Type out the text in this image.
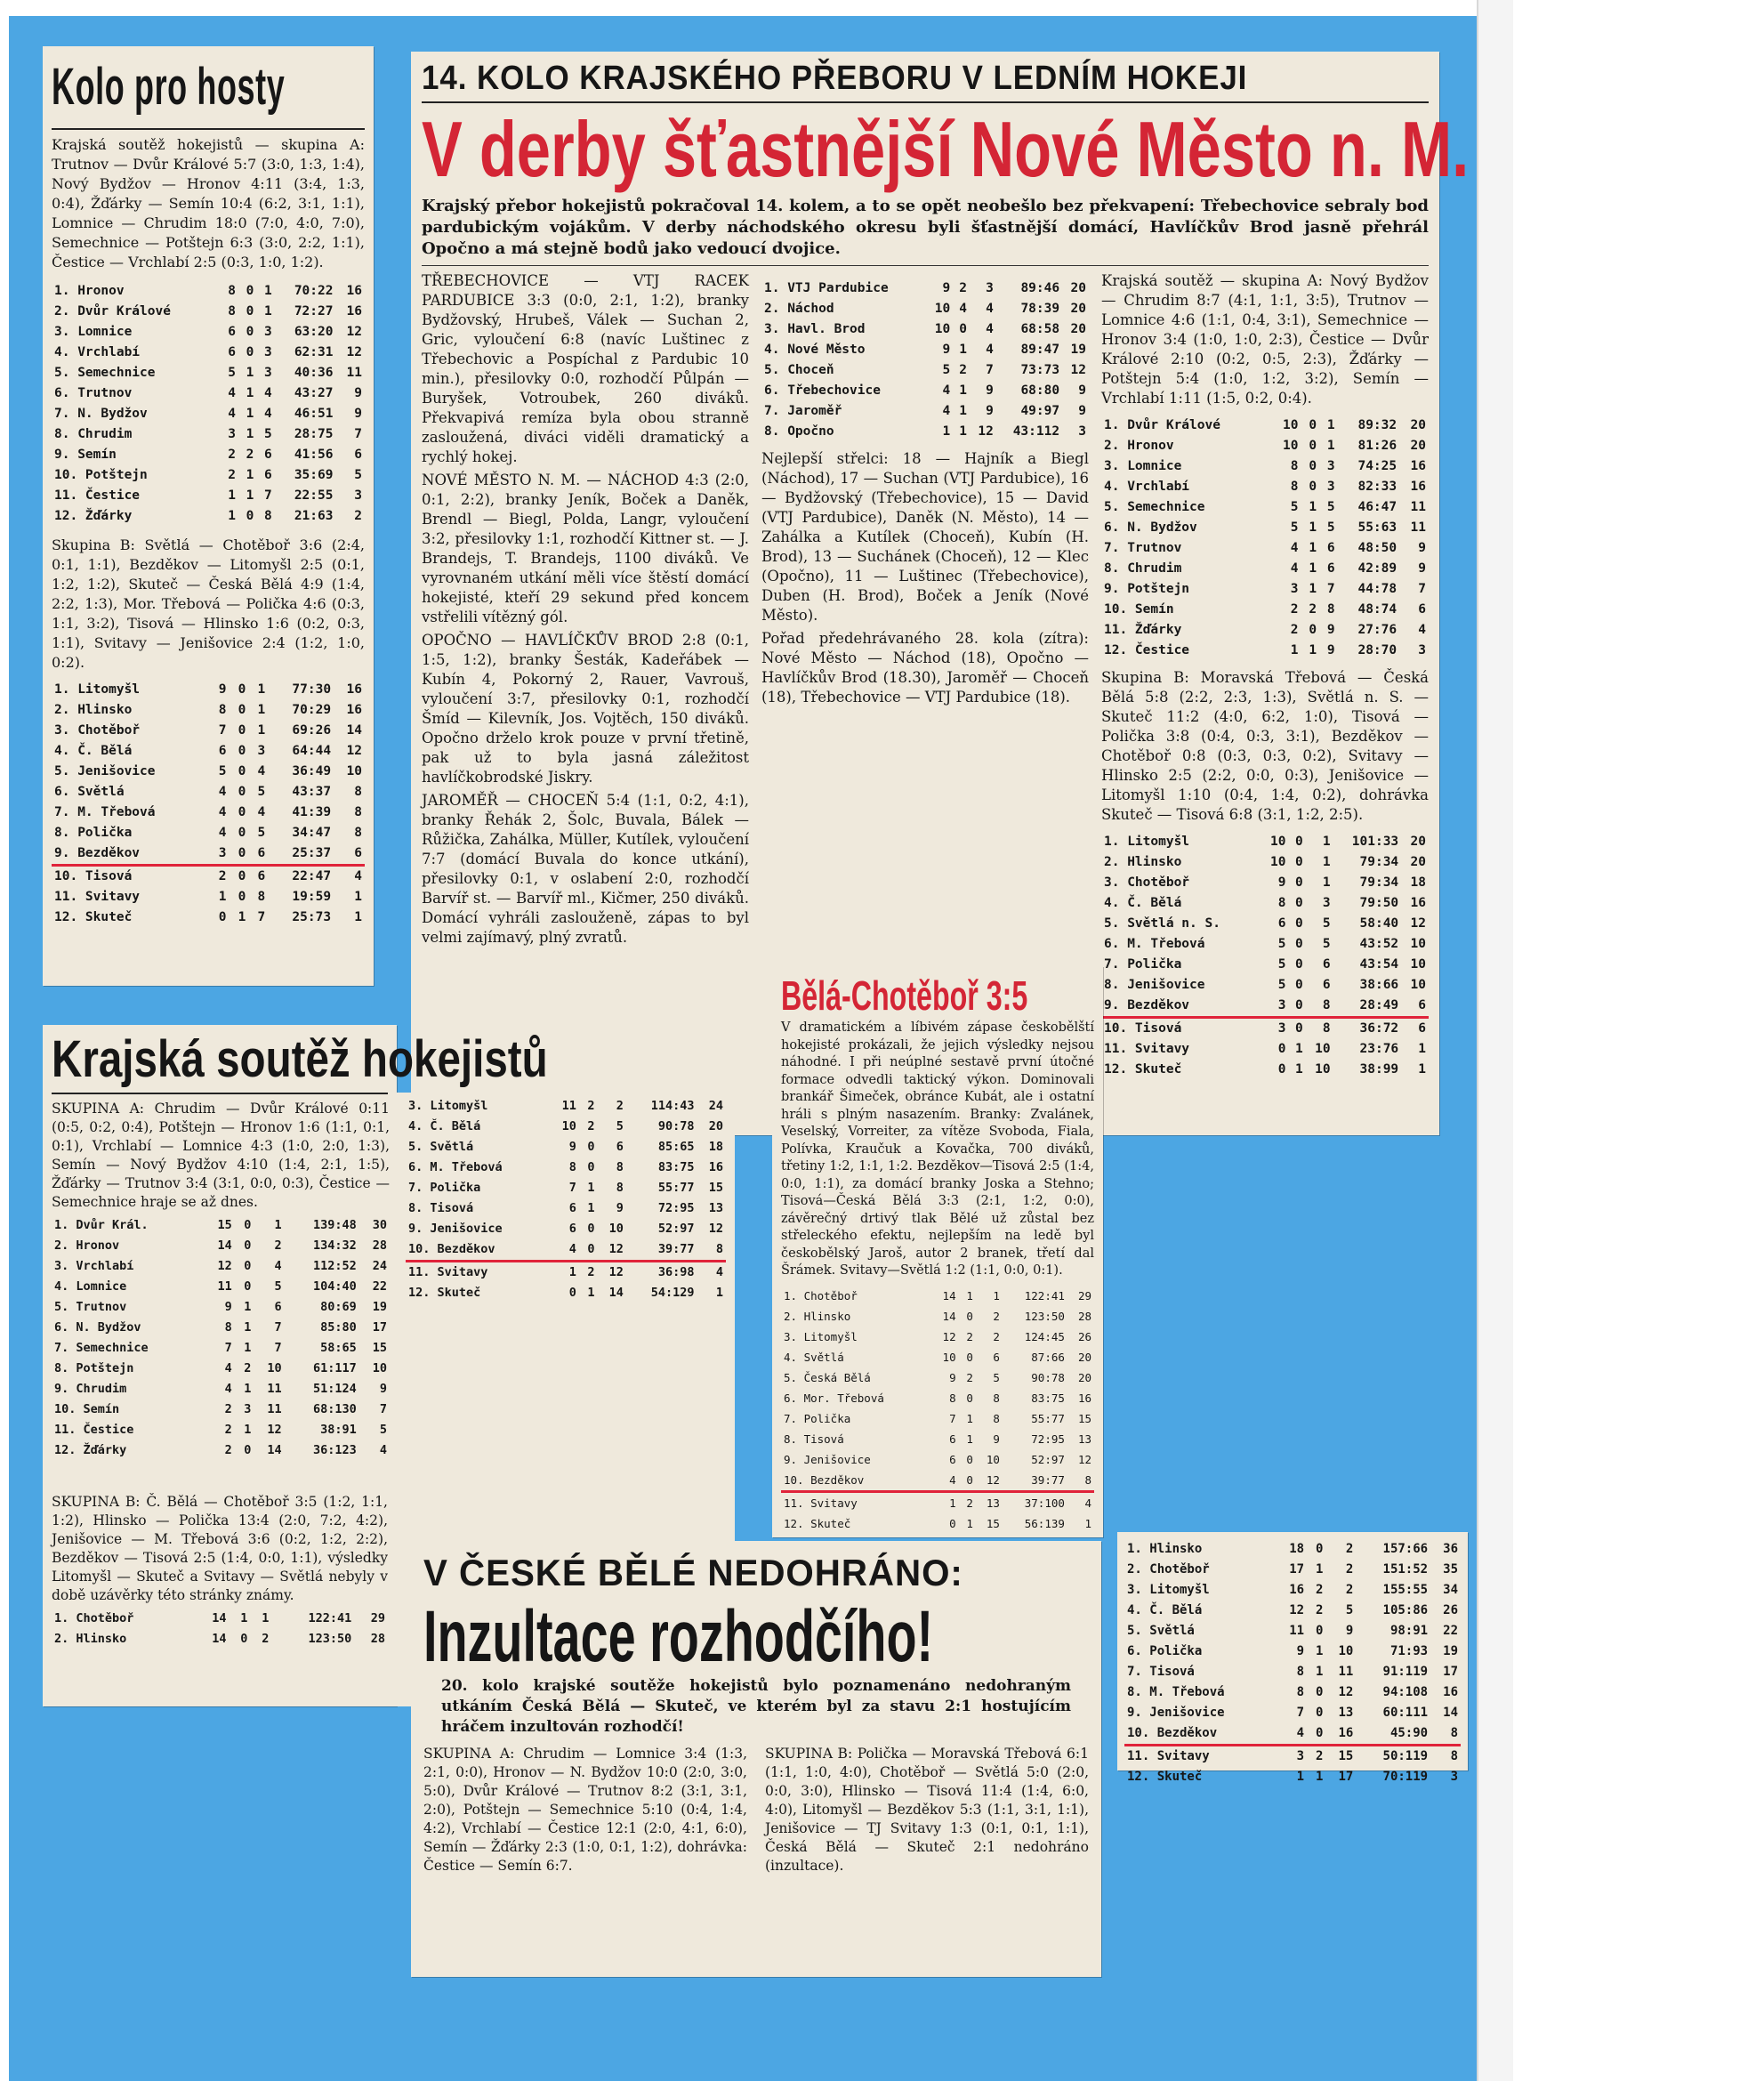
Kolo pro hosty

Krajská soutěž hokejistů — skupina A: Trutnov — Dvůr Králové 5:7 (3:0, 1:3, 1:4), Nový Bydžov — Hronov 4:11 (3:4, 1:3, 0:4), Žďárky — Semín 10:4 (6:2, 3:1, 1:1), Lomnice — Chrudim 18:0 (7:0, 4:0, 7:0), Semechnice — Potštejn 6:3 (3:0, 2:2, 1:1), Čestice — Vrchlabí 2:5 (0:3, 1:0, 1:2).

1. Hronov	8	0	1	70:22	16
2. Dvůr Králové	8	0	1	72:27	16
3. Lomnice	6	0	3	63:20	12
4. Vrchlabí	6	0	3	62:31	12
5. Semechnice	5	1	3	40:36	11
6. Trutnov	4	1	4	43:27	9
7. N. Bydžov	4	1	4	46:51	9
8. Chrudim	3	1	5	28:75	7
9. Semín	2	2	6	41:56	6
10. Potštejn	2	1	6	35:69	5
11. Čestice	1	1	7	22:55	3
12. Žďárky	1	0	8	21:63	2

Skupina B: Světlá — Chotěboř 3:6 (2:4, 0:1, 1:1), Bezděkov — Litomyšl 2:5 (0:1, 1:2, 1:2), Skuteč — Česká Bělá 4:9 (1:4, 2:2, 1:3), Mor. Třebová — Polička 4:6 (0:3, 1:1, 3:2), Tisová — Hlinsko 1:6 (0:2, 0:3, 1:1), Svitavy — Jenišovice 2:4 (1:2, 1:0, 0:2).

1. Litomyšl	9	0	1	77:30	16
2. Hlinsko	8	0	1	70:29	16
3. Chotěboř	7	0	1	69:26	14
4. Č. Bělá	6	0	3	64:44	12
5. Jenišovice	5	0	4	36:49	10
6. Světlá	4	0	5	43:37	8
7. M. Třebová	4	0	4	41:39	8
8. Polička	4	0	5	34:47	8
9. Bezděkov	3	0	6	25:37	6
10. Tisová	2	0	6	22:47	4
11. Svitavy	1	0	8	19:59	1
12. Skuteč	0	1	7	25:73	1
14. KOLO KRAJSKÉHO PŘEBORU V LEDNÍM HOKEJI
V derby šťastnější Nové Město n. M.

Krajský přebor hokejistů pokračoval 14. kolem, a to se opět neobešlo bez překvapení: Třebechovice sebraly bod pardubickým vojákům. V derby náchodského okresu byli šťastnější domácí, Havlíčkův Brod jasně přehrál Opočno a má stejně bodů jako vedoucí dvojice.

TŘEBECHOVICE — VTJ RACEK PARDUBICE 3:3 (0:0, 2:1, 1:2), branky Bydžovský, Hrubeš, Válek — Suchan 2, Gric, vyloučení 6:8 (navíc Luštinec z Třebechovic a Pospíchal z Pardubic 10 min.), přesilovky 0:0, rozhodčí Půlpán — Buryšek, Votroubek, 260 diváků. Překvapivá remíza byla obou stranně zasloužená, diváci viděli dramatický a rychlý hokej.

NOVÉ MĚSTO N. M. — NÁCHOD 4:3 (2:0, 0:1, 2:2), branky Jeník, Boček a Daněk, Brendl — Biegl, Polda, Langr, vyloučení 3:2, přesilovky 1:1, rozhodčí Kittner st. — J. Brandejs, T. Brandejs, 1100 diváků. Ve vyrovnaném utkání měli více štěstí domácí hokejisté, kteří 29 sekund před koncem vstřelili vítězný gól.

OPOČNO — HAVLÍČKŮV BROD 2:8 (0:1, 1:5, 1:2), branky Šesták, Kadeřábek — Kubín 4, Pokorný 2, Rauer, Vavrouš, vyloučení 3:7, přesilovky 0:1, rozhodčí Šmíd — Kilevník, Jos. Vojtěch, 150 diváků. Opočno drželo krok pouze v první třetině, pak už to byla jasná záležitost havlíčkobrodské Jiskry.

JAROMĚŘ — CHOCEŇ 5:4 (1:1, 0:2, 4:1), branky Řehák 2, Šolc, Buvala, Bálek — Růžička, Zahálka, Müller, Kutílek, vyloučení 7:7 (domácí Buvala do konce utkání), přesilovky 0:1, v oslabení 2:0, rozhodčí Barvíř st. — Barvíř ml., Kičmer, 250 diváků. Domácí vyhráli zaslouženě, zápas to byl velmi zajímavý, plný zvratů.

1. VTJ Pardubice	9	2	3	89:46	20
2. Náchod	10	4	4	78:39	20
3. Havl. Brod	10	0	4	68:58	20
4. Nové Město	9	1	4	89:47	19
5. Choceň	5	2	7	73:73	12
6. Třebechovice	4	1	9	68:80	9
7. Jaroměř	4	1	9	49:97	9
8. Opočno	1	1	12	43:112	3

Nejlepší střelci: 18 — Hajník a Biegl (Náchod), 17 — Suchan (VTJ Pardubice), 16 — Bydžovský (Třebechovice), 15 — David (VTJ Pardubice), Daněk (N. Město), 14 — Zahálka a Kutílek (Choceň), Kubín (H. Brod), 13 — Suchánek (Choceň), 12 — Klec (Opočno), 11 — Luštinec (Třebechovice), Duben (H. Brod), Boček a Jeník (Nové Město).

Pořad předehrávaného 28. kola (zítra): Nové Město — Náchod (18), Opočno — Havlíčkův Brod (18.30), Jaroměř — Choceň (18), Třebechovice — VTJ Pardubice (18).

Krajská soutěž — skupina A: Nový Bydžov — Chrudim 8:7 (4:1, 1:1, 3:5), Trutnov — Lomnice 4:6 (1:1, 0:4, 3:1), Semechnice — Hronov 3:4 (1:0, 1:0, 2:3), Čestice — Dvůr Králové 2:10 (0:2, 0:5, 2:3), Žďárky — Potštejn 5:4 (1:0, 1:2, 3:2), Semín — Vrchlabí 1:11 (1:5, 0:2, 0:4).

1. Dvůr Králové	10	0	1	89:32	20
2. Hronov	10	0	1	81:26	20
3. Lomnice	8	0	3	74:25	16
4. Vrchlabí	8	0	3	82:33	16
5. Semechnice	5	1	5	46:47	11
6. N. Bydžov	5	1	5	55:63	11
7. Trutnov	4	1	6	48:50	9
8. Chrudim	4	1	6	42:89	9
9. Potštejn	3	1	7	44:78	7
10. Semín	2	2	8	48:74	6
11. Žďárky	2	0	9	27:76	4
12. Čestice	1	1	9	28:70	3

Skupina B: Moravská Třebová — Česká Bělá 5:8 (2:2, 2:3, 1:3), Světlá n. S. — Skuteč 11:2 (4:0, 6:2, 1:0), Tisová — Polička 3:8 (0:4, 0:3, 3:1), Bezděkov — Chotěboř 0:8 (0:3, 0:3, 0:2), Svitavy — Hlinsko 2:5 (2:2, 0:0, 0:3), Jenišovice — Litomyšl 1:10 (0:4, 1:4, 0:2), dohrávka Skuteč — Tisová 6:8 (3:1, 1:2, 2:5).

1. Litomyšl	10	0	1	101:33	20
2. Hlinsko	10	0	1	79:34	20
3. Chotěboř	9	0	1	79:34	18
4. Č. Bělá	8	0	3	79:50	16
5. Světlá n. S.	6	0	5	58:40	12
6. M. Třebová	5	0	5	43:52	10
7. Polička	5	0	6	43:54	10
8. Jenišovice	5	0	6	38:66	10
9. Bezděkov	3	0	8	28:49	6
10. Tisová	3	0	8	36:72	6
11. Svitavy	0	1	10	23:76	1
12. Skuteč	0	1	10	38:99	1
Krajská soutěž hokejistů

SKUPINA A: Chrudim — Dvůr Králové 0:11 (0:5, 0:2, 0:4), Potštejn — Hronov 1:6 (1:1, 0:1, 0:1), Vrchlabí — Lomnice 4:3 (1:0, 2:0, 1:3), Semín — Nový Bydžov 4:10 (1:4, 2:1, 1:5), Žďárky — Trutnov 3:4 (3:1, 0:0, 0:3), Čestice — Semechnice hraje se až dnes.

1. Dvůr Král.	15	0	1	139:48	30
2. Hronov	14	0	2	134:32	28
3. Vrchlabí	12	0	4	112:52	24
4. Lomnice	11	0	5	104:40	22
5. Trutnov	9	1	6	80:69	19
6. N. Bydžov	8	1	7	85:80	17
7. Semechnice	7	1	7	58:65	15
8. Potštejn	4	2	10	61:117	10
9. Chrudim	4	1	11	51:124	9
10. Semín	2	3	11	68:130	7
11. Čestice	2	1	12	38:91	5
12. Žďárky	2	0	14	36:123	4
3. Litomyšl	11	2	2	114:43	24
4. Č. Bělá	10	2	5	90:78	20
5. Světlá	9	0	6	85:65	18
6. M. Třebová	8	0	8	83:75	16
7. Polička	7	1	8	55:77	15
8. Tisová	6	1	9	72:95	13
9. Jenišovice	6	0	10	52:97	12
10. Bezděkov	4	0	12	39:77	8
11. Svitavy	1	2	12	36:98	4
12. Skuteč	0	1	14	54:129	1

SKUPINA B: Č. Bělá — Chotěboř 3:5 (1:2, 1:1, 1:2), Hlinsko — Polička 13:4 (2:0, 7:2, 4:2), Jenišovice — M. Třebová 3:6 (0:2, 1:2, 2:2), Bezděkov — Tisová 2:5 (1:4, 0:0, 1:1), výsledky Litomyšl — Skuteč a Svitavy — Světlá nebyly v době uzávěrky této stránky známy.

1. Chotěboř	14	1	1	122:41	29
2. Hlinsko	14	0	2	123:50	28
Bělá-Chotěboř 3:5

V dramatickém a líbivém zápase českobělští hokejisté prokázali, že jejich výsledky nejsou náhodné. I při neúplné sestavě první útočné formace odvedli taktický výkon. Dominovali brankář Šimeček, obránce Kubát, ale i ostatní hráli s plným nasazením. Branky: Zvalánek, Veselský, Vorreiter, za vítěze Svoboda, Fiala, Polívka, Kraučuk a Kovačka, 700 diváků, třetiny 1:2, 1:1, 1:2. Bezděkov—Tisová 2:5 (1:4, 0:0, 1:1), za domácí branky Joska a Stehno; Tisová—Česká Bělá 3:3 (2:1, 1:2, 0:0), závěrečný drtivý tlak Bělé už zůstal bez střeleckého efektu, nejlepším na ledě byl českobělský Jaroš, autor 2 branek, třetí dal Šrámek. Svitavy—Světlá 1:2 (1:1, 0:0, 0:1).

1. Chotěboř	14	1	1	122:41	29
2. Hlinsko	14	0	2	123:50	28
3. Litomyšl	12	2	2	124:45	26
4. Světlá	10	0	6	87:66	20
5. Česká Bělá	9	2	5	90:78	20
6. Mor. Třebová	8	0	8	83:75	16
7. Polička	7	1	8	55:77	15
8. Tisová	6	1	9	72:95	13
9. Jenišovice	6	0	10	52:97	12
10. Bezděkov	4	0	12	39:77	8
11. Svitavy	1	2	13	37:100	4
12. Skuteč	0	1	15	56:139	1
V ČESKÉ BĚLÉ NEDOHRÁNO:
Inzultace rozhodčího!

20. kolo krajské soutěže hokejistů bylo poznamenáno nedohraným utkáním Česká Bělá — Skuteč, ve kterém byl za stavu 2:1 hostujícím hráčem inzultován rozhodčí!

SKUPINA A: Chrudim — Lomnice 3:4 (1:3, 2:1, 0:0), Hronov — N. Bydžov 10:0 (2:0, 3:0, 5:0), Dvůr Králové — Trutnov 8:2 (3:1, 3:1, 2:0), Potštejn — Semechnice 5:10 (0:4, 1:4, 4:2), Vrchlabí — Čestice 12:1 (2:0, 4:1, 6:0), Semín — Žďárky 2:3 (1:0, 0:1, 1:2), dohrávka: Čestice — Semín 6:7.

SKUPINA B: Polička — Moravská Třebová 6:1 (1:1, 1:0, 4:0), Chotěboř — Světlá 5:0 (2:0, 0:0, 3:0), Hlinsko — Tisová 11:4 (1:4, 6:0, 4:0), Litomyšl — Bezděkov 5:3 (1:1, 3:1, 1:1), Jenišovice — TJ Svitavy 1:3 (0:1, 0:1, 1:1), Česká Bělá — Skuteč 2:1 nedohráno (inzultace).

1. Hlinsko	18	0	2	157:66	36
2. Chotěboř	17	1	2	151:52	35
3. Litomyšl	16	2	2	155:55	34
4. Č. Bělá	12	2	5	105:86	26
5. Světlá	11	0	9	98:91	22
6. Polička	9	1	10	71:93	19
7. Tisová	8	1	11	91:119	17
8. M. Třebová	8	0	12	94:108	16
9. Jenišovice	7	0	13	60:111	14
10. Bezděkov	4	0	16	45:90	8
11. Svitavy	3	2	15	50:119	8
12. Skuteč	1	1	17	70:119	3
